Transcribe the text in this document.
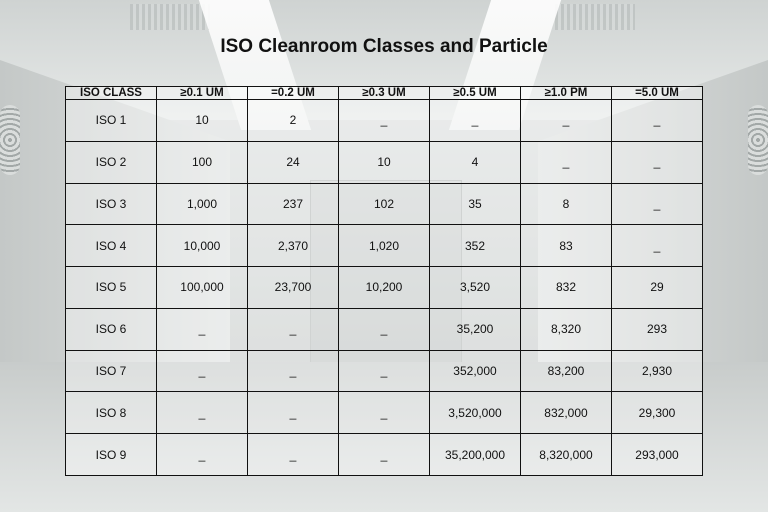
ISO Cleanroom Classes and Particle
ISO CLASS	≥0.1 UM	=0.2 UM	≥0.3 UM	≥0.5 UM	≥1.0 PM	=5.0 UM
ISO 1	10	2	_	_	_	_
ISO 2	100	24	10	4	_	_
ISO 3	1,000	237	102	35	8	_
ISO 4	10,000	2,370	1,020	352	83	_
ISO 5	100,000	23,700	10,200	3,520	832	29
ISO 6	_	_	_	35,200	8,320	293
ISO 7	_	_	_	352,000	83,200	2,930
ISO 8	_	_	_	3,520,000	832,000	29,300
ISO 9	_	_	_	35,200,000	8,320,000	293,000
